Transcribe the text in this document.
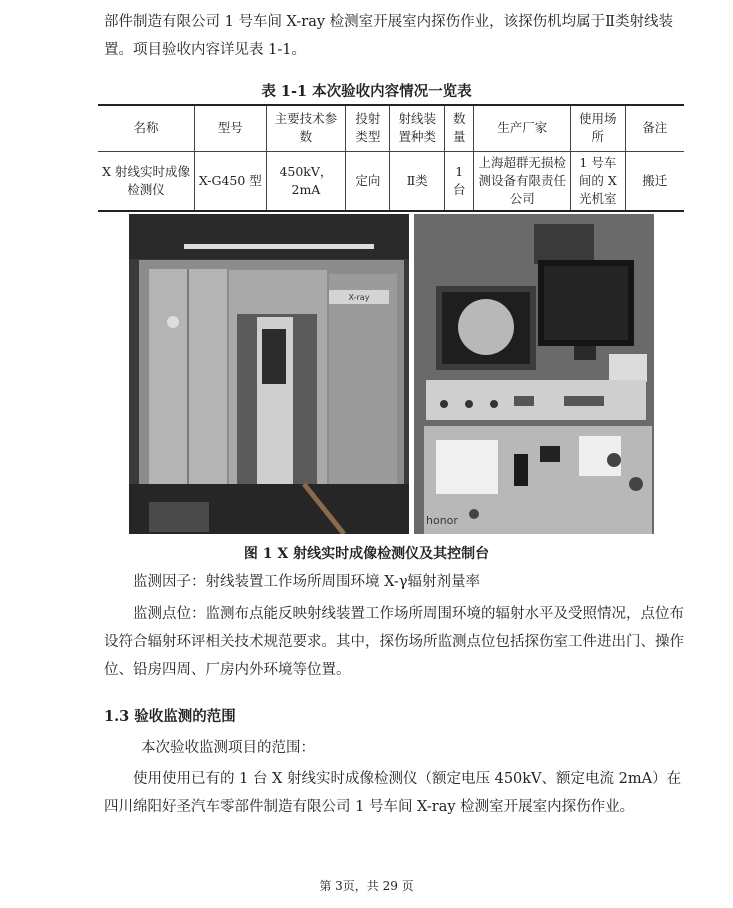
部件制造有限公司 1 号车间 X-ray 检测室开展室内探伤作业，该探伤机均属于Ⅱ类射线装置。项目验收内容详见表 1-1。

表 1-1 本次验收内容情况一览表
名称	型号	主要技术参数	投射类型	射线装置种类	数量	生产厂家	使用场所	备注
X 射线实时成像检测仪	X-G450 型	450kV，2mA	定向	Ⅱ类	1 台	上海超群无损检测设备有限责任公司	1 号车间的 X 光机室	搬迁
X-ray
honor
图 1 X 射线实时成像检测仪及其控制台

监测因子：射线装置工作场所周围环境 X-γ辐射剂量率

监测点位：监测布点能反映射线装置工作场所周围环境的辐射水平及受照情况，点位布设符合辐射环评相关技术规范要求。其中，探伤场所监测点位包括探伤室工件进出门、操作位、铅房四周、厂房内外环境等位置。

1.3 验收监测的范围

本次验收监测项目的范围：

使用使用已有的 1 台 X 射线实时成像检测仪（额定电压 450kV、额定电流 2mA）在四川绵阳好圣汽车零部件制造有限公司 1 号车间 X-ray 检测室开展室内探伤作业。

第 3页，共 29 页
